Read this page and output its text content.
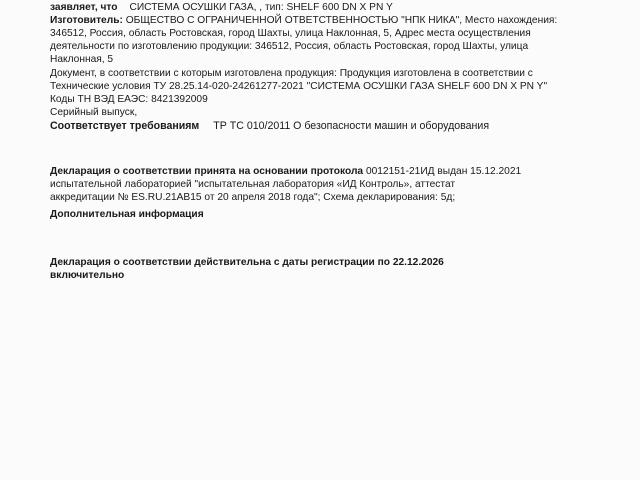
заявляет, что СИСТЕМА ОСУШКИ ГАЗА, , тип: SHELF 600 DN X PN Y
Изготовитель: ОБЩЕСТВО С ОГРАНИЧЕННОЙ ОТВЕТСТВЕННОСТЬЮ "НПК НИКА", Место нахождения:
346512, Россия, область Ростовская, город Шахты, улица Наклонная, 5, Адрес места осуществления
деятельности по изготовлению продукции: 346512, Россия, область Ростовская, город Шахты, улица
Наклонная, 5
Документ, в соответствии с которым изготовлена продукция: Продукция изготовлена в соответствии с
Технические условия ТУ 28.25.14-020-24261277-2021 "СИСТЕМА ОСУШКИ ГАЗА SHELF 600 DN X PN Y"
Коды ТН ВЭД ЕАЭС: 8421392009
Серийный выпуск,
Соответствует требованиям ТР ТС 010/2011 О безопасности машин и оборудования
Декларация о соответствии принята на основании протокола 0012151-21ИД выдан 15.12.2021
испытательной лабораторией "испытательная лаборатория «ИД Контроль», аттестат
аккредитации № ES.RU.21AB15 от 20 апреля 2018 года"; Схема декларирования: 5д;
Дополнительная информация
Декларация о соответствии действительна с даты регистрации по 22.12.2026
включительно
